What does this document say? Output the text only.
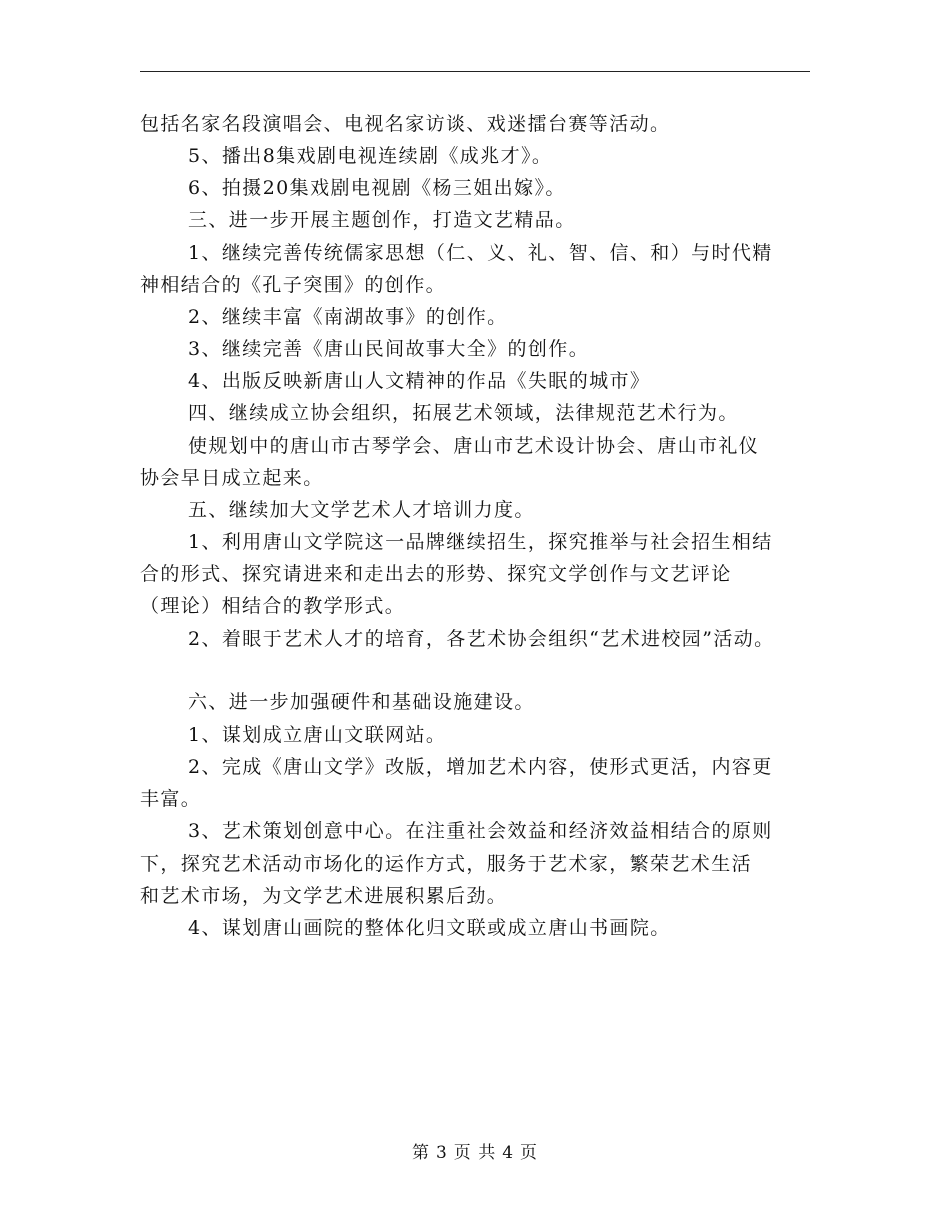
包括名家名段演唱会、电视名家访谈、戏迷擂台赛等活动。
5、播出8集戏剧电视连续剧《成兆才》。
6、拍摄20集戏剧电视剧《杨三姐出嫁》。
三、进一步开展主题创作，打造文艺精品。
1、继续完善传统儒家思想（仁、义、礼、智、信、和）与时代精
神相结合的《孔子突围》的创作。
2、继续丰富《南湖故事》的创作。
3、继续完善《唐山民间故事大全》的创作。
4、出版反映新唐山人文精神的作品《失眠的城市》
四、继续成立协会组织，拓展艺术领域，法律规范艺术行为。
使规划中的唐山市古琴学会、唐山市艺术设计协会、唐山市礼仪
协会早日成立起来。
五、继续加大文学艺术人才培训力度。
1、利用唐山文学院这一品牌继续招生，探究推举与社会招生相结
合的形式、探究请进来和走出去的形势、探究文学创作与文艺评论
（理论）相结合的教学形式。
2、着眼于艺术人才的培育，各艺术协会组织“艺术进校园”活动。
六、进一步加强硬件和基础设施建设。
1、谋划成立唐山文联网站。
2、完成《唐山文学》改版，增加艺术内容，使形式更活，内容更
丰富。
3、艺术策划创意中心。在注重社会效益和经济效益相结合的原则
下，探究艺术活动市场化的运作方式，服务于艺术家，繁荣艺术生活
和艺术市场，为文学艺术进展积累后劲。
4、谋划唐山画院的整体化归文联或成立唐山书画院。
第 3 页 共 4 页
